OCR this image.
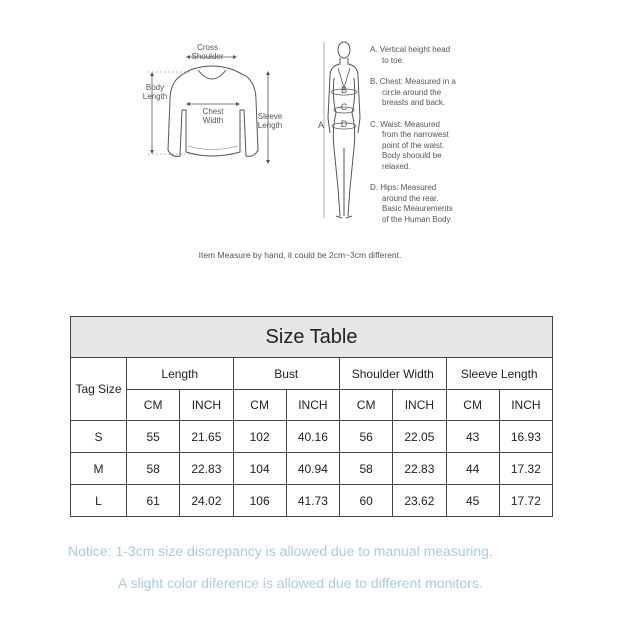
Cross
Shoulder
Body
Length
Chest
Width	Sleeve
Length	A
B
C
D
A. Vertical height head
to toe.
B. Chest: Measured in a
circle around the
breasts and back.
C. Waist: Measured
from the narrowest
point of the waist.
Body shoould be
relaxed.
D. Hips: Measured
around the rear.
Basic Meaurements
of the Human Body
Item Measure by hand, it could be 2cm~3cm different.
Size Table								
Tag Size	Length		Bust		Shoulder Width		Sleeve Length	
	CM	INCH	CM	INCH	CM	INCH	CM	INCH
S	55	21.65	102	40.16	56	22.05	43	16.93
M	58	22.83	104	40.94	58	22.83	44	17.32
L	61	24.02	106	41.73	60	23.62	45	17.72
Notice: 1-3cm size discrepancy is allowed due to manual measuring.
A slight color diference is allowed due to different monitors.
